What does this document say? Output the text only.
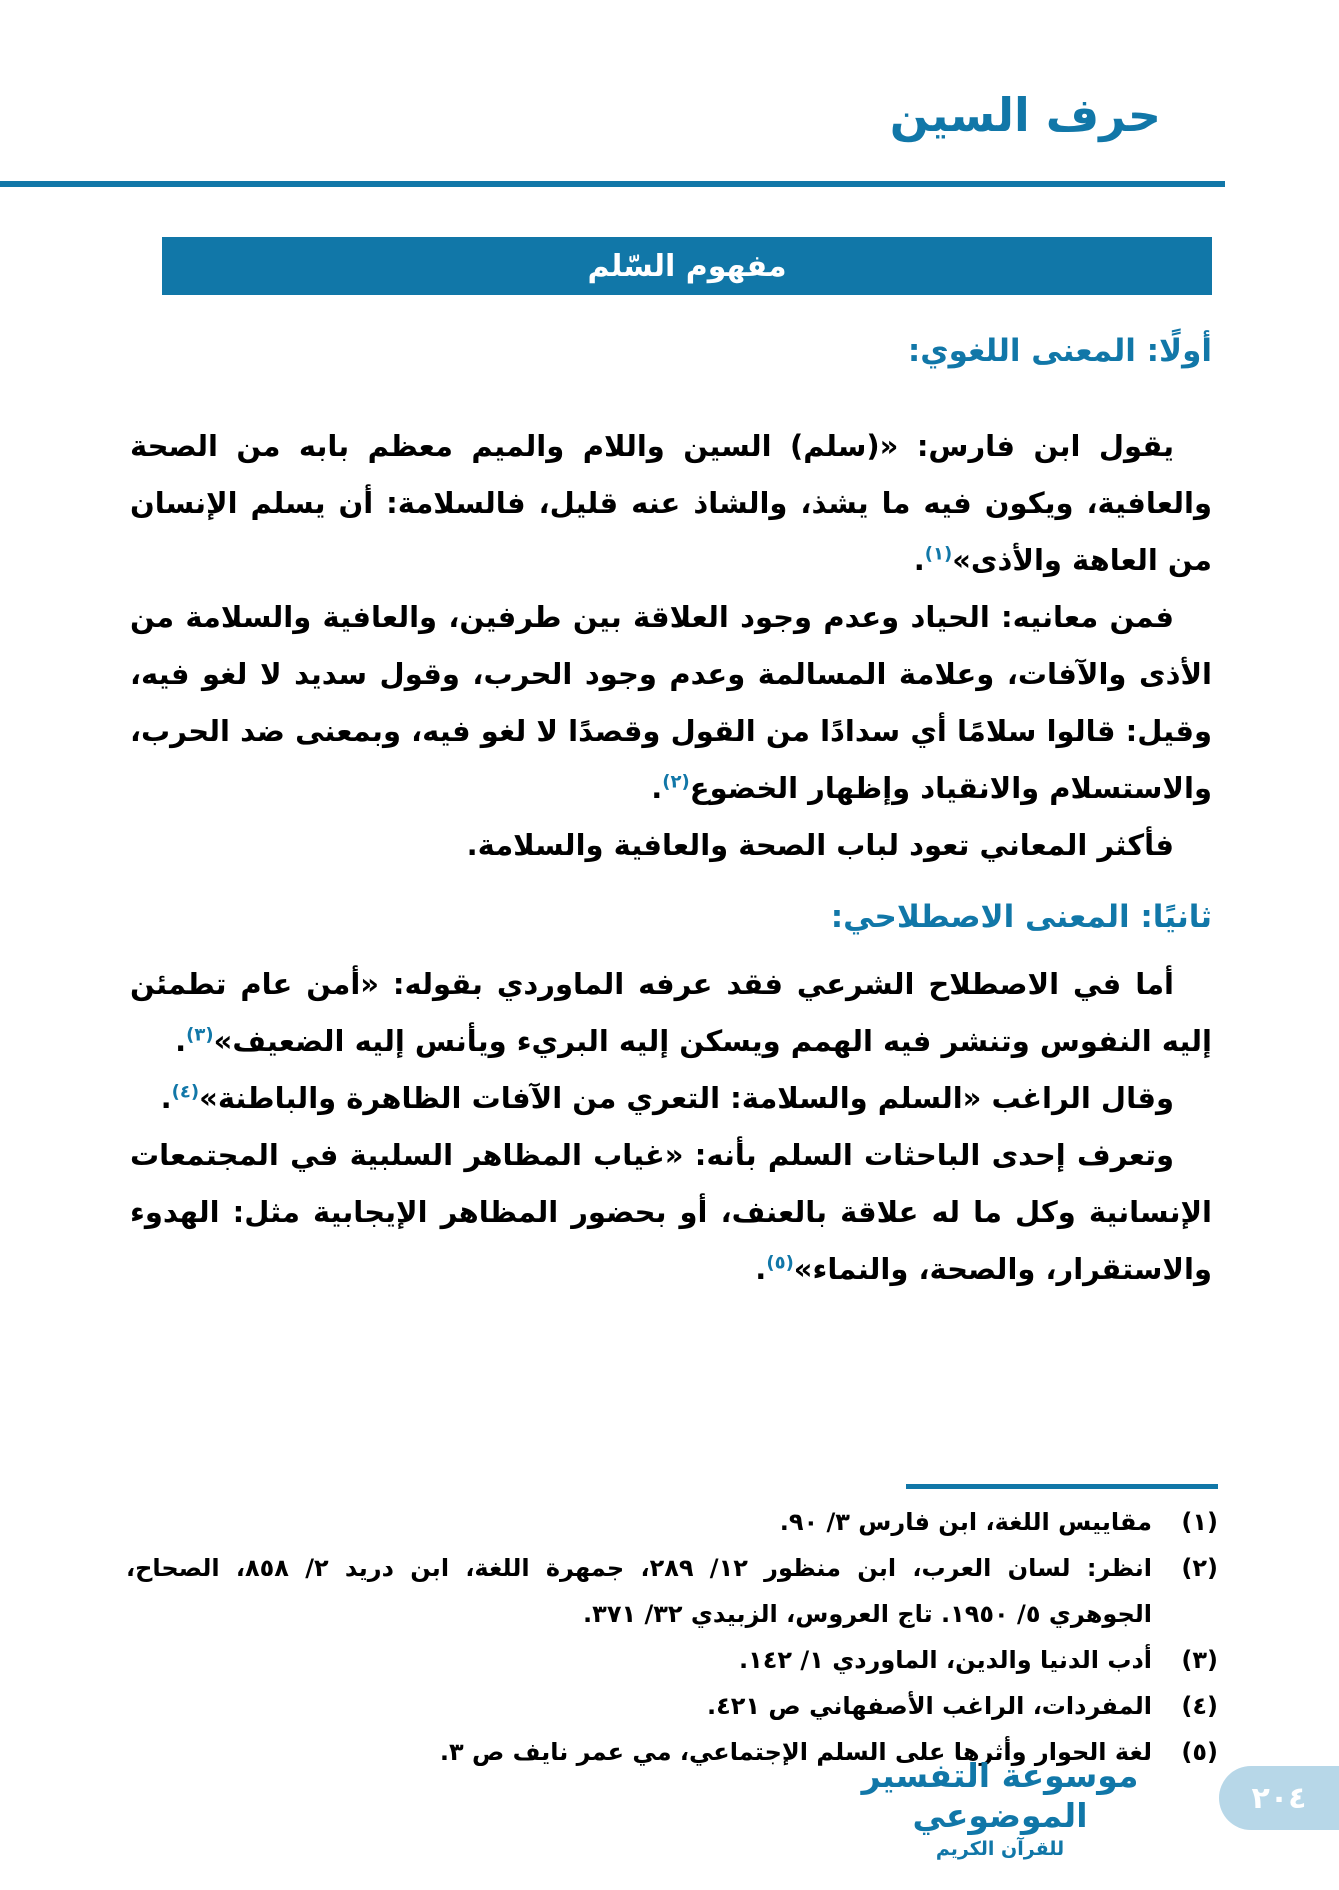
حرف السين
مفهوم السّلم
أولًا: المعنى اللغوي:

يقول ابن فارس: «(سلم) السين واللام والميم معظم بابه من الصحة والعافية، ويكون فيه ما يشذ، والشاذ عنه قليل، فالسلامة: أن يسلم الإنسان من العاهة والأذى»$^{(١)}$.

فمن معانيه: الحياد وعدم وجود العلاقة بين طرفين، والعافية والسلامة من الأذى والآفات، وعلامة المسالمة وعدم وجود الحرب، وقول سديد لا لغو فيه، وقيل: قالوا سلامًا أي سدادًا من القول وقصدًا لا لغو فيه، وبمعنى ضد الحرب، والاستسلام والانقياد وإظهار الخضوع$^{(٢)}$.

فأكثر المعاني تعود لباب الصحة والعافية والسلامة.

ثانيًا: المعنى الاصطلاحي:

أما في الاصطلاح الشرعي فقد عرفه الماوردي بقوله: «أمن عام تطمئن إليه النفوس وتنشر فيه الهمم ويسكن إليه البريء ويأنس إليه الضعيف»$^{(٣)}$.

وقال الراغب «السلم والسلامة: التعري من الآفات الظاهرة والباطنة»$^{(٤)}$.

وتعرف إحدى الباحثات السلم بأنه: «غياب المظاهر السلبية في المجتمعات الإنسانية وكل ما له علاقة بالعنف، أو بحضور المظاهر الإيجابية مثل: الهدوء والاستقرار، والصحة، والنماء»$^{(٥)}$.

(١)
مقاييس اللغة، ابن فارس ٣/ ٩٠.
(٢)
انظر: لسان العرب، ابن منظور ١٢/ ٢٨٩، جمهرة اللغة، ابن دريد ٢/ ٨٥٨، الصحاح، الجوهري ٥/ ١٩٥٠. تاج العروس، الزبيدي ٣٢/ ٣٧١.
(٣)
أدب الدنيا والدين، الماوردي ١/ ١٤٢.
(٤)
المفردات، الراغب الأصفهاني ص ٤٢١.
(٥)
لغة الحوار وأثرها على السلم الإجتماعي، مي عمر نايف ص ٣.
موسوعة التفسير الموضوعي
للقرآن الكريم
٢٠٤
